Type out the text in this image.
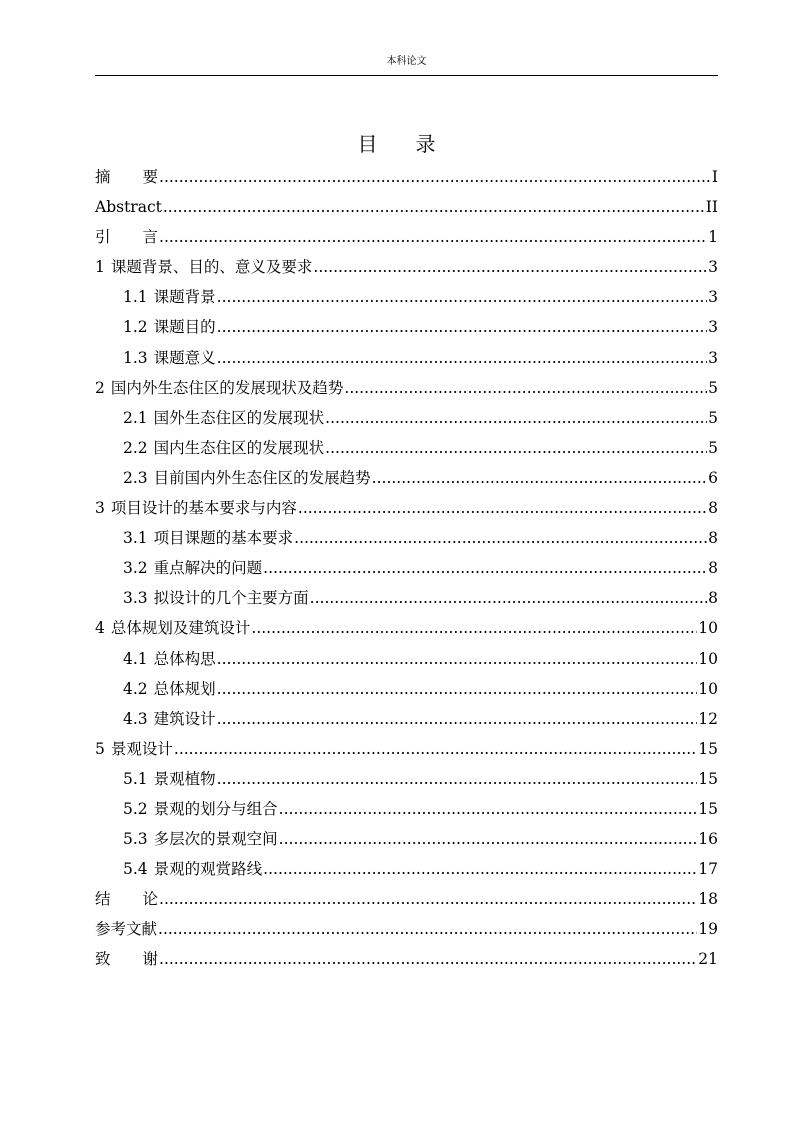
本科论文
目 录
摘 要 .....	I
Abstract .....	II
引 言 .....	1
1 课题背景、目的、意义及要求 .....	3
1.1 课题背景 .....	3
1.2 课题目的 .....	3
1.3 课题意义 .....	3
2 国内外生态住区的发展现状及趋势 .....	5
2.1 国外生态住区的发展现状 .....	5
2.2 国内生态住区的发展现状 .....	5
2.3 目前国内外生态住区的发展趋势 .....	6
3 项目设计的基本要求与内容 .....	8
3.1 项目课题的基本要求 .....	8
3.2 重点解决的问题 .....	8
3.3 拟设计的几个主要方面 .....	8
4 总体规划及建筑设计 .....	10
4.1 总体构思 .....	10
4.2 总体规划 .....	10
4.3 建筑设计 .....	12
5 景观设计 .....	15
5.1 景观植物 .....	15
5.2 景观的划分与组合 .....	15
5.3 多层次的景观空间 .....	16
5.4 景观的观赏路线 .....	17
结 论 .....	18
参考文献 .....	19
致 谢 .....	21
